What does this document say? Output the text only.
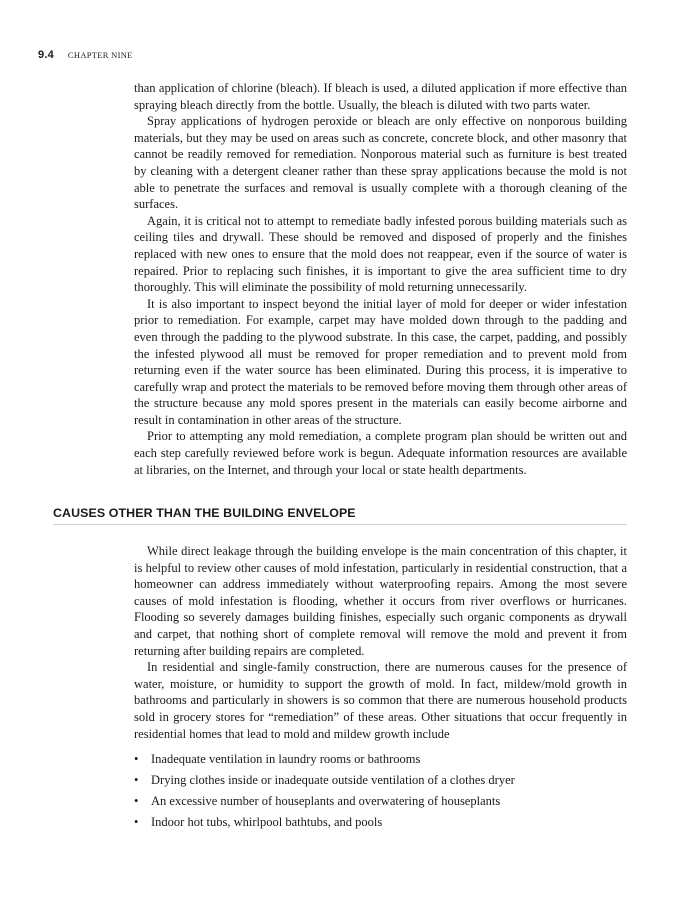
9.4 CHAPTER NINE

than application of chlorine (bleach). If bleach is used, a diluted application if more effective than spraying bleach directly from the bottle. Usually, the bleach is diluted with two parts water.

Spray applications of hydrogen peroxide or bleach are only effective on nonporous building materials, but they may be used on areas such as concrete, concrete block, and other masonry that cannot be readily removed for remediation. Nonporous material such as furniture is best treated by cleaning with a detergent cleaner rather than these spray applications because the mold is not able to penetrate the surfaces and removal is usually complete with a thorough cleaning of the surfaces.

Again, it is critical not to attempt to remediate badly infested porous building materials such as ceiling tiles and drywall. These should be removed and disposed of properly and the finishes replaced with new ones to ensure that the mold does not reappear, even if the source of water is repaired. Prior to replacing such finishes, it is important to give the area sufficient time to dry thoroughly. This will eliminate the possibility of mold returning unnecessarily.

It is also important to inspect beyond the initial layer of mold for deeper or wider infestation prior to remediation. For example, carpet may have molded down through to the padding and even through the padding to the plywood substrate. In this case, the carpet, padding, and possibly the infested plywood all must be removed for proper remediation and to prevent mold from returning even if the water source has been eliminated. During this process, it is imperative to carefully wrap and protect the materials to be removed before moving them through other areas of the structure because any mold spores present in the materials can easily become airborne and result in contamination in other areas of the structure.

Prior to attempting any mold remediation, a complete program plan should be written out and each step carefully reviewed before work is begun. Adequate information resources are available at libraries, on the Internet, and through your local or state health departments.

CAUSES OTHER THAN THE BUILDING ENVELOPE

While direct leakage through the building envelope is the main concentration of this chapter, it is helpful to review other causes of mold infestation, particularly in residential construction, that a homeowner can address immediately without waterproofing repairs. Among the most severe causes of mold infestation is flooding, whether it occurs from river overflows or hurricanes. Flooding so severely damages building finishes, especially such organic components as drywall and carpet, that nothing short of complete removal will remove the mold and prevent it from returning after building repairs are completed.

In residential and single-family construction, there are numerous causes for the presence of water, moisture, or humidity to support the growth of mold. In fact, mildew/mold growth in bathrooms and particularly in showers is so common that there are numerous household products sold in grocery stores for “remediation” of these areas. Other situations that occur frequently in residential homes that lead to mold and mildew growth include

• Inadequate ventilation in laundry rooms or bathrooms
• Drying clothes inside or inadequate outside ventilation of a clothes dryer
• An excessive number of houseplants and overwatering of houseplants
• Indoor hot tubs, whirlpool bathtubs, and pools
